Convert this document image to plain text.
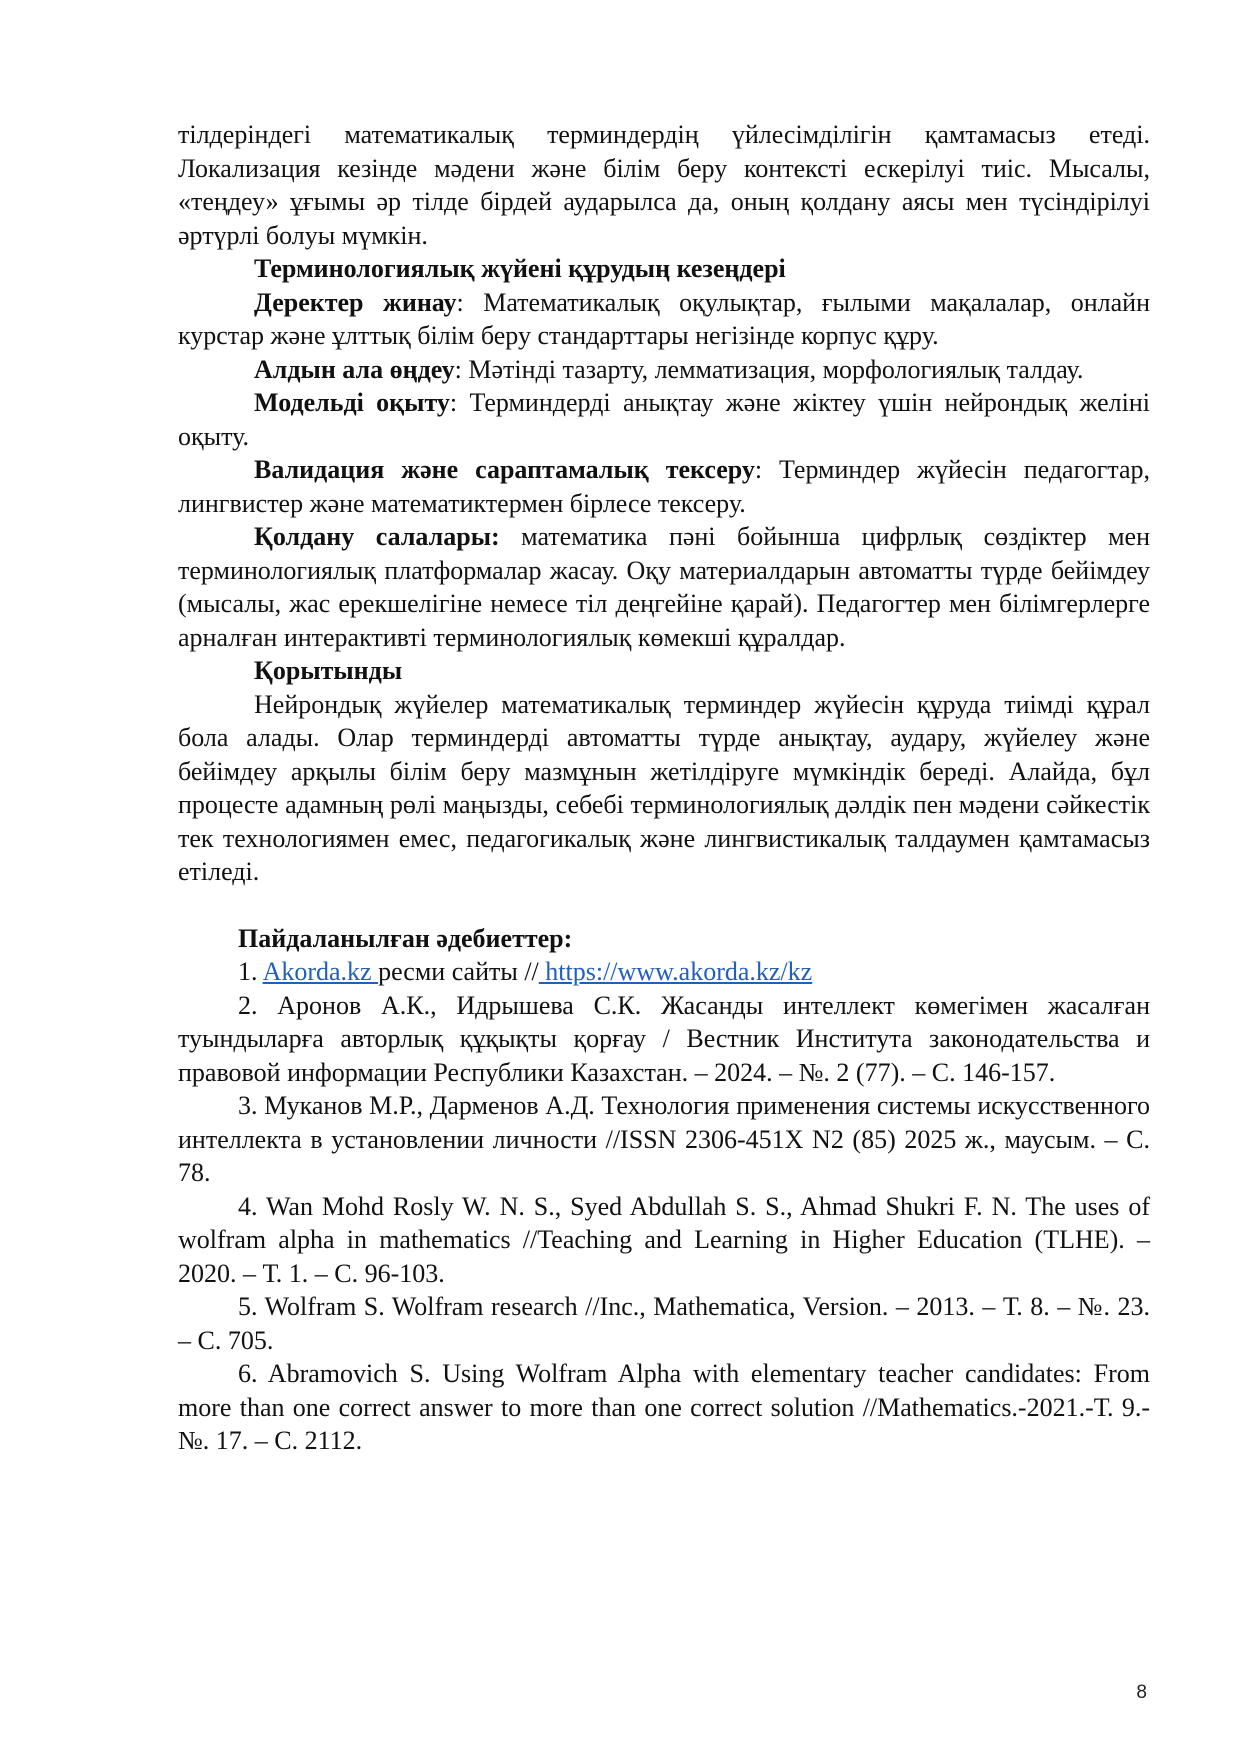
тілдеріндегі математикалық терминдердің үйлесімділігін қамтамасыз етеді. Локализация кезінде мәдени және білім беру контексті ескерілуі тиіс. Мысалы, «теңдеу» ұғымы әр тілде бірдей аударылса да, оның қолдану аясы мен түсіндірілуі әртүрлі болуы мүмкін.

Терминологиялық жүйені құрудың кезеңдері

Деректер жинау: Математикалық оқулықтар, ғылыми мақалалар, онлайн курстар және ұлттық білім беру стандарттары негізінде корпус құру.

Алдын ала өңдеу: Мәтінді тазарту, лемматизация, морфологиялық талдау.

Модельді оқыту: Терминдерді анықтау және жіктеу үшін нейрондық желіні оқыту.

Валидация және сараптамалық тексеру: Терминдер жүйесін педагогтар, лингвистер және математиктермен бірлесе тексеру.

Қолдану салалары: математика пәні бойынша цифрлық сөздіктер мен терминологиялық платформалар жасау. Оқу материалдарын автоматты түрде бейімдеу (мысалы, жас ерекшелігіне немесе тіл деңгейіне қарай). Педагогтер мен білімгерлерге арналған интерактивті терминологиялық көмекші құралдар.

Қорытынды

Нейрондық жүйелер математикалық терминдер жүйесін құруда тиімді құрал бола алады. Олар терминдерді автоматты түрде анықтау, аудару, жүйелеу және бейімдеу арқылы білім беру мазмұнын жетілдіруге мүмкіндік береді. Алайда, бұл процесте адамның рөлі маңызды, себебі терминологиялық дәлдік пен мәдени сәйкестік тек технологиямен емес, педагогикалық және лингвистикалық талдаумен қамтамасыз етіледі.

Пайдаланылған әдебиеттер:

1. Akorda.kz ресми сайты // https://www.akorda.kz/kz

2. Аронов А.К., Идрышева С.К. Жасанды интеллект көмегімен жасалған туындыларға авторлық құқықты қорғау / Вестник Института законодательства и правовой информации Республики Казахстан. – 2024. – №. 2 (77). – С. 146-157.

3. Муканов М.Р., Дарменов А.Д. Технология применения системы искусственного интеллекта в установлении личности //ISSN 2306-451X N2 (85) 2025 ж., маусым. – С. 78.

4. Wan Mohd Rosly W. N. S., Syed Abdullah S. S., Ahmad Shukri F. N. The uses of wolfram alpha in mathematics //Teaching and Learning in Higher Education (TLHE). – 2020. – Т. 1. – С. 96-103.

5. Wolfram S. Wolfram research //Inc., Mathematica, Version. – 2013. – Т. 8. – №. 23. – С. 705.

6. Abramovich S. Using Wolfram Alpha with elementary teacher candidates: From more than one correct answer to more than one correct solution //Mathematics.-2021.-Т. 9.-№. 17. – С. 2112.

8
